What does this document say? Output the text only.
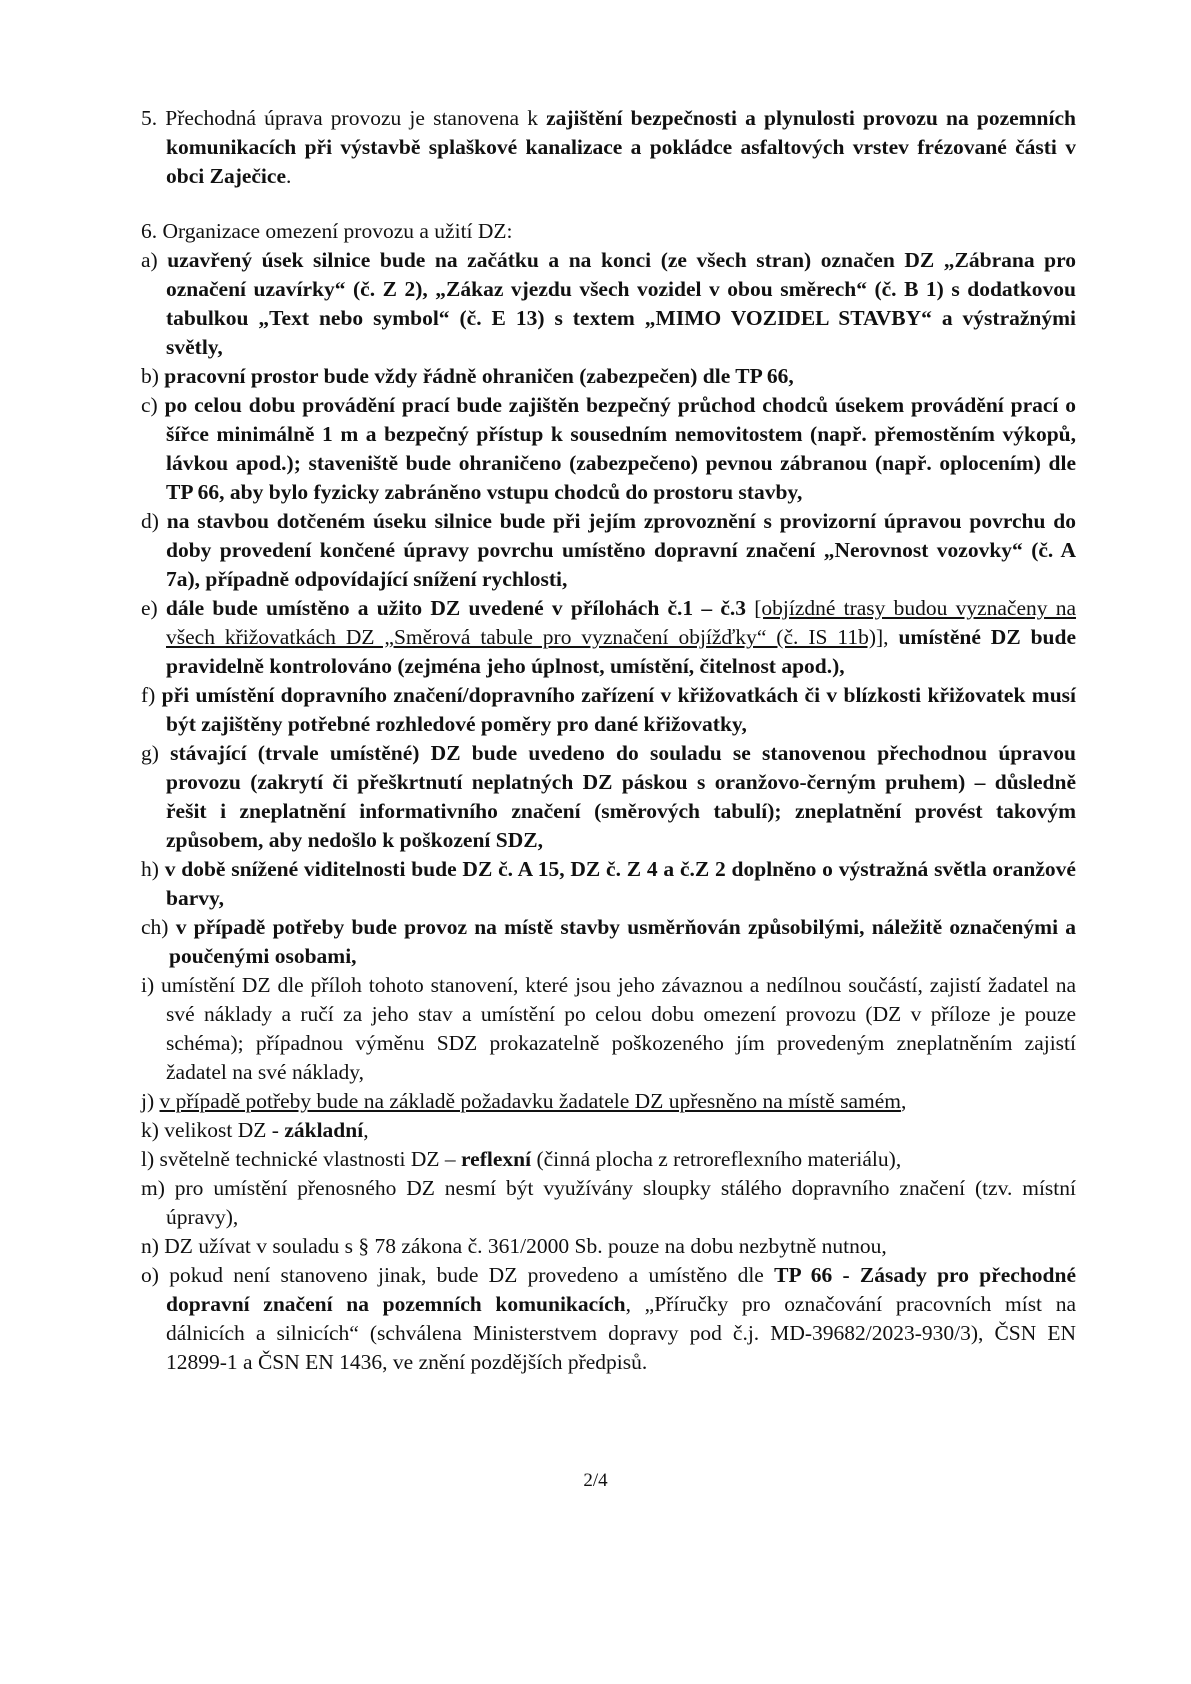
5. Přechodná úprava provozu je stanovena k zajištění bezpečnosti a plynulosti provozu na pozemních komunikacích při výstavbě splaškové kanalizace a pokládce asfaltových vrstev frézované části v obci Zaječice.

6. Organizace omezení provozu a užití DZ:

a) uzavřený úsek silnice bude na začátku a na konci (ze všech stran) označen DZ „Zábrana pro označení uzavírky“ (č. Z 2), „Zákaz vjezdu všech vozidel v obou směrech“ (č. B 1) s dodatkovou tabulkou „Text nebo symbol“ (č. E 13) s textem „MIMO VOZIDEL STAVBY“ a výstražnými světly,

b) pracovní prostor bude vždy řádně ohraničen (zabezpečen) dle TP 66,

c) po celou dobu provádění prací bude zajištěn bezpečný průchod chodců úsekem provádění prací o šířce minimálně 1 m a bezpečný přístup k sousedním nemovitostem (např. přemostěním výkopů, lávkou apod.); staveniště bude ohraničeno (zabezpečeno) pevnou zábranou (např. oplocením) dle TP 66, aby bylo fyzicky zabráněno vstupu chodců do prostoru stavby,

d) na stavbou dotčeném úseku silnice bude při jejím zprovoznění s provizorní úpravou povrchu do doby provedení končené úpravy povrchu umístěno dopravní značení „Nerovnost vozovky“ (č. A 7a), případně odpovídající snížení rychlosti,

e) dále bude umístěno a užito DZ uvedené v přílohách č.1 – č.3 [objízdné trasy budou vyznačeny na všech křižovatkách DZ „Směrová tabule pro vyznačení objížďky“ (č. IS 11b)], umístěné DZ bude pravidelně kontrolováno (zejména jeho úplnost, umístění, čitelnost apod.),

f) při umístění dopravního značení/dopravního zařízení v křižovatkách či v blízkosti křižovatek musí být zajištěny potřebné rozhledové poměry pro dané křižovatky,

g) stávající (trvale umístěné) DZ bude uvedeno do souladu se stanovenou přechodnou úpravou provozu (zakrytí či přeškrtnutí neplatných DZ páskou s oranžovo-černým pruhem) – důsledně řešit i zneplatnění informativního značení (směrových tabulí); zneplatnění provést takovým způsobem, aby nedošlo k poškození SDZ,

h) v době snížené viditelnosti bude DZ č. A 15, DZ č. Z 4 a č.Z 2 doplněno o výstražná světla oranžové barvy,

ch) v případě potřeby bude provoz na místě stavby usměrňován způsobilými, náležitě označenými a poučenými osobami,

i) umístění DZ dle příloh tohoto stanovení, které jsou jeho závaznou a nedílnou součástí, zajistí žadatel na své náklady a ručí za jeho stav a umístění po celou dobu omezení provozu (DZ v příloze je pouze schéma); případnou výměnu SDZ prokazatelně poškozeného jím provedeným zneplatněním zajistí žadatel na své náklady,

j) v případě potřeby bude na základě požadavku žadatele DZ upřesněno na místě samém,

k) velikost DZ - základní,

l) světelně technické vlastnosti DZ – reflexní (činná plocha z retroreflexního materiálu),

m) pro umístění přenosného DZ nesmí být využívány sloupky stálého dopravního značení (tzv. místní úpravy),

n) DZ užívat v souladu s § 78 zákona č. 361/2000 Sb. pouze na dobu nezbytně nutnou,

o) pokud není stanoveno jinak, bude DZ provedeno a umístěno dle TP 66 - Zásady pro přechodné dopravní značení na pozemních komunikacích, „Příručky pro označování pracovních míst na dálnicích a silnicích“ (schválena Ministerstvem dopravy pod č.j. MD-39682/2023-930/3), ČSN EN 12899-1 a ČSN EN 1436, ve znění pozdějších předpisů.

2/4
